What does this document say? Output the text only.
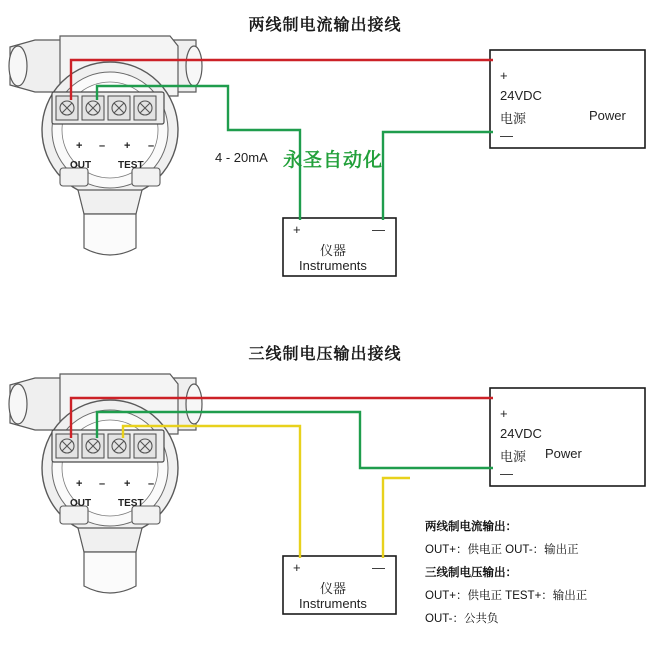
两线制电流输出接线
三线制电压输出接线
+ – + –
OUT	TEST
4 - 20mA 永圣自动化
+
24VDC
电源	Power
—
+	—
仪器
Instruments
+ – + –
OUT	TEST
+
24VDC
电源 Power
—
+	—
仪器
Instruments
两线制电流输出：
OUT+：供电正 OUT-：输出正
三线制电压输出：
OUT+：供电正 TEST+：输出正
OUT-：公共负
